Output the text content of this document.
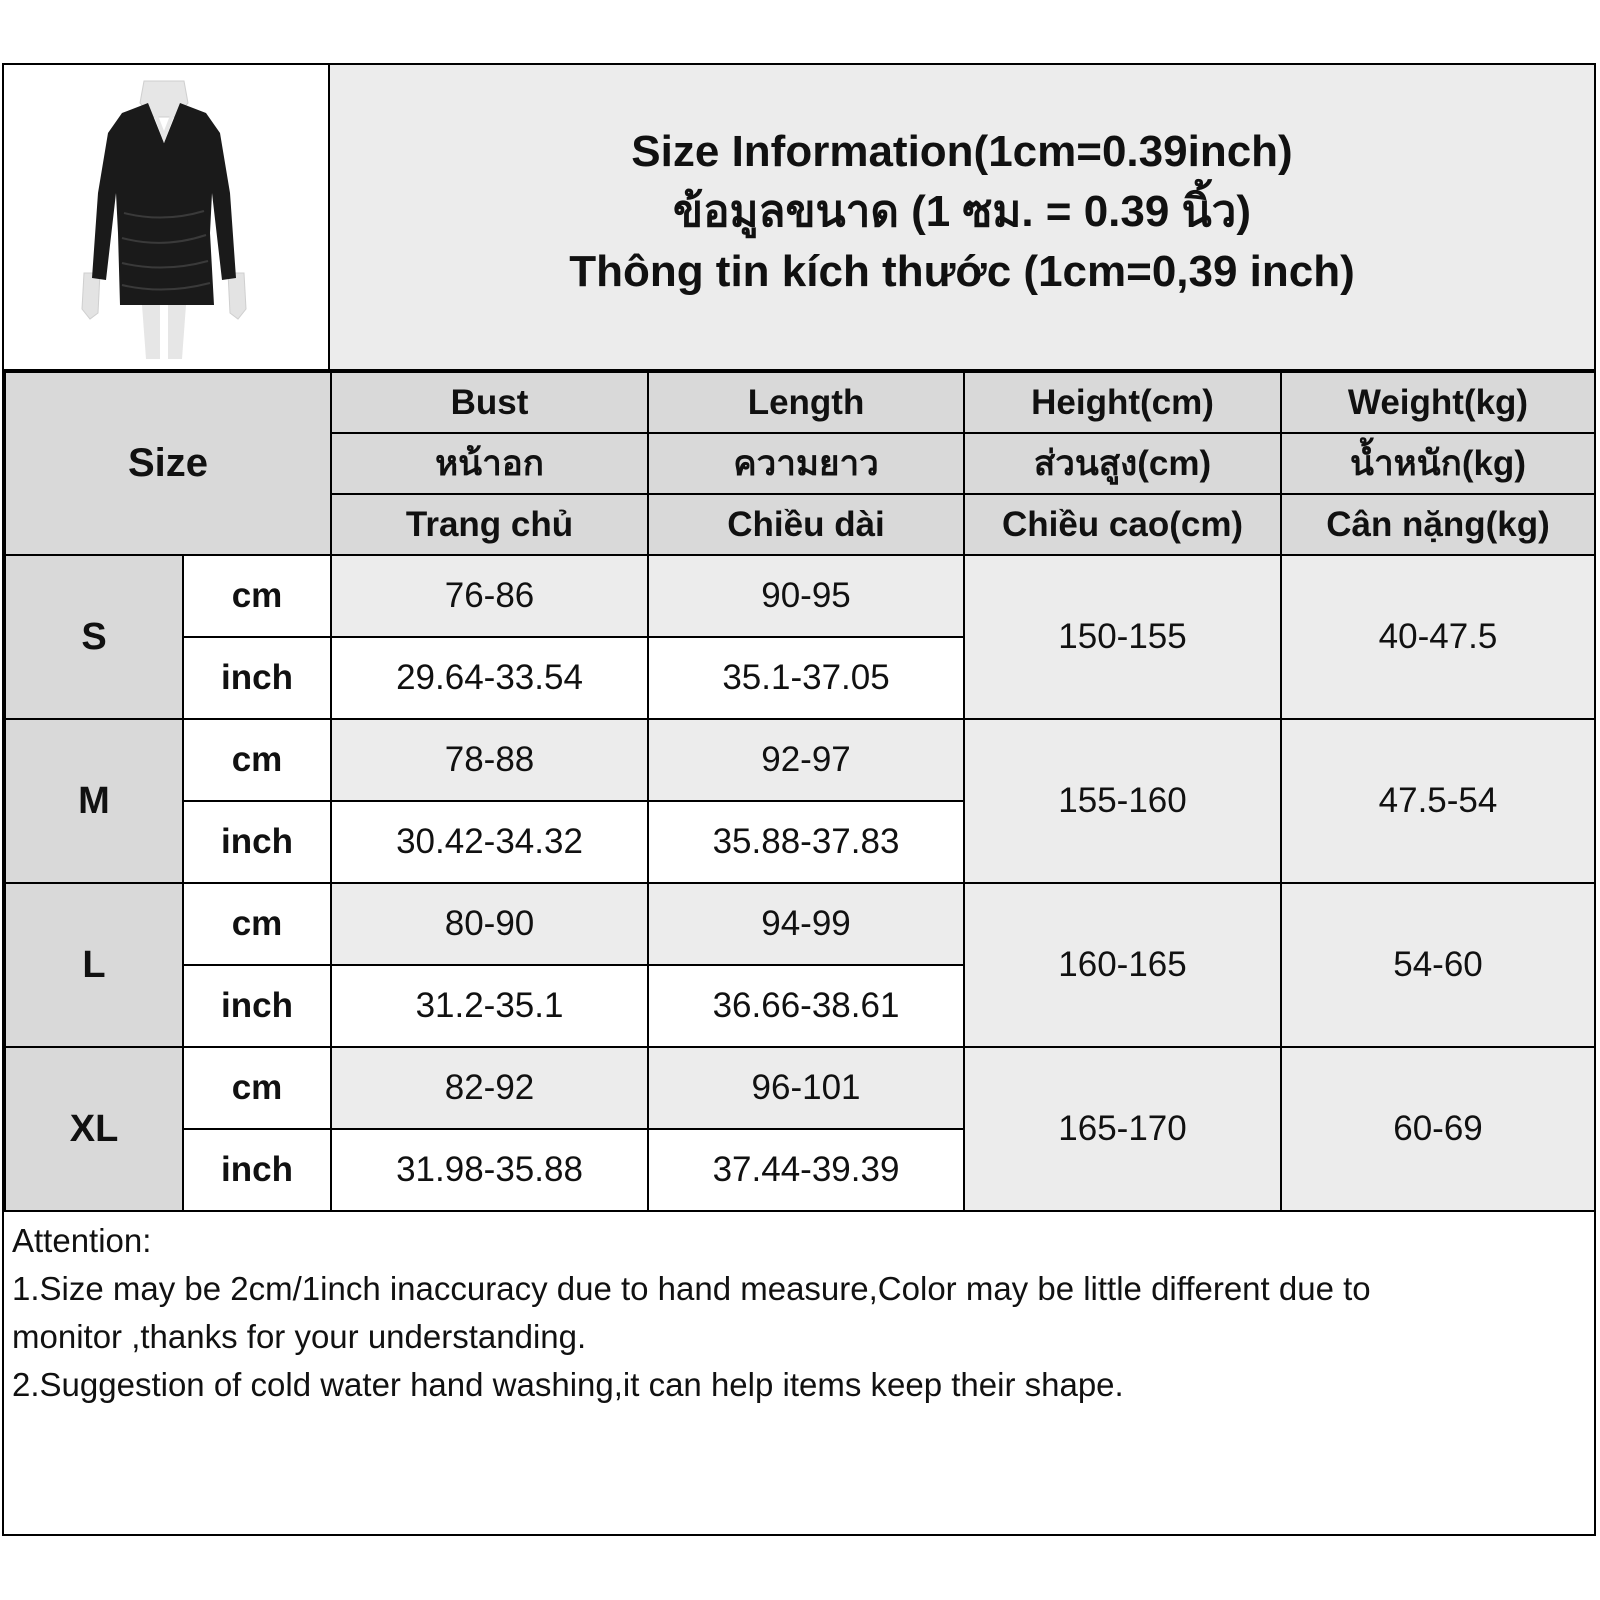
Size Information(1cm=0.39inch)
ข้อมูลขนาด (1 ซม. = 0.39 นิ้ว)
Thông tin kích thước (1cm=0,39 inch)
Size		Bust	Length	Height(cm)	Weight(kg)
		หน้าอก	ความยาว	ส่วนสูง(cm)	น้ำหนัก(kg)
		Trang chủ	Chiều dài	Chiều cao(cm)	Cân nặng(kg)
S	cm	76-86	90-95	150-155	40-47.5
	inch	29.64-33.54	35.1-37.05		
M	cm	78-88	92-97	155-160	47.5-54
	inch	30.42-34.32	35.88-37.83		
L	cm	80-90	94-99	160-165	54-60
	inch	31.2-35.1	36.66-38.61		
XL	cm	82-92	96-101	165-170	60-69
	inch	31.98-35.88	37.44-39.39		
Attention:
1.Size may be 2cm/1inch inaccuracy due to hand measure,Color may be little different due to
monitor ,thanks for your understanding.
2.Suggestion of cold water hand washing,it can help items keep their shape.
